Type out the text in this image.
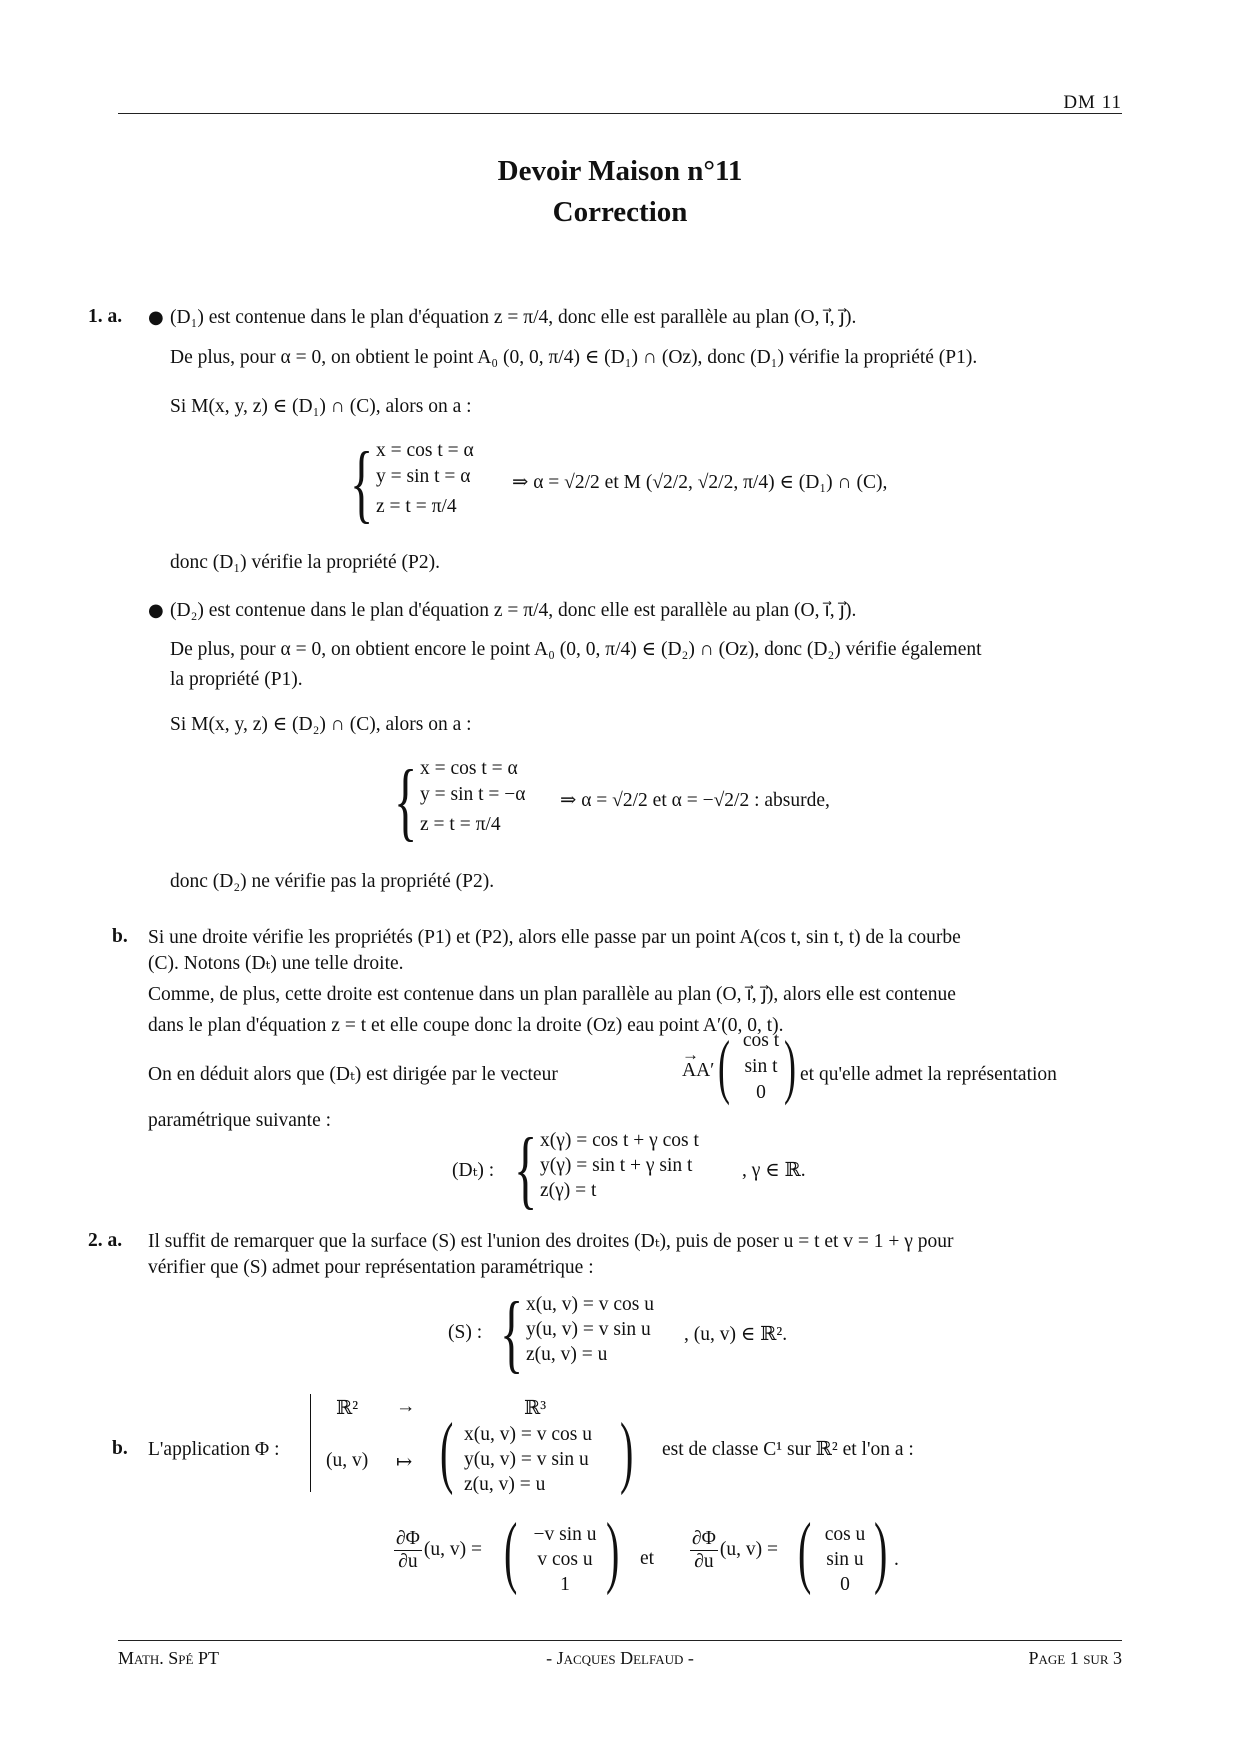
DM 11
Devoir Maison n°11
Correction
1. a. ● (D₁) est contenue dans le plan d'équation z = π/4, donc elle est parallèle au plan (O, i⃗, j⃗).
De plus, pour α = 0, on obtient le point A₀ (0, 0, π/4) ∈ (D₁) ∩ (Oz), donc (D₁) vérifie la propriété (P1).
Si M(x, y, z) ∈ (D₁) ∩ (C), alors on a :
{ x = cos t = α
y = sin t = α
z = t = π/4
⇒ α = √2/2 et M (√2/2, √2/2, π/4) ∈ (D₁) ∩ (C),
donc (D₁) vérifie la propriété (P2).
● (D₂) est contenue dans le plan d'équation z = π/4, donc elle est parallèle au plan (O, i⃗, j⃗).
De plus, pour α = 0, on obtient encore le point A₀ (0, 0, π/4) ∈ (D₂) ∩ (Oz), donc (D₂) vérifie également
la propriété (P1).
Si M(x, y, z) ∈ (D₂) ∩ (C), alors on a :
{ x = cos t = α
y = sin t = −α
z = t = π/4
⇒ α = √2/2 et α = −√2/2 : absurde,
donc (D₂) ne vérifie pas la propriété (P2).
b. Si une droite vérifie les propriétés (P1) et (P2), alors elle passe par un point A(cos t, sin t, t) de la courbe
(C). Notons (Dₜ) une telle droite.
Comme, de plus, cette droite est contenue dans un plan parallèle au plan (O, i⃗, j⃗), alors elle est contenue
dans le plan d'équation z = t et elle coupe donc la droite (Oz) eau point A′(0, 0, t).
On en déduit alors que (Dₜ) est dirigée par le vecteur
→	AA′ ( cos t
sin t
0 ) et qu'elle admet la représentation
paramétrique suivante :
(Dₜ) : { x(γ) = cos t + γ cos t
y(γ) = sin t + γ sin t
z(γ) = t
, γ ∈ ℝ.
2. a. Il suffit de remarquer que la surface (S) est l'union des droites (Dₜ), puis de poser u = t et v = 1 + γ pour
vérifier que (S) admet pour représentation paramétrique :
(S) : { x(u, v) = v cos u
y(u, v) = v sin u
z(u, v) = u
, (u, v) ∈ ℝ².
b. L'application Φ :
ℝ² →	ℝ³
(u, v) ↦ ( x(u, v) = v cos u
y(u, v) = v sin u
z(u, v) = u ) est de classe C¹ sur ℝ² et l'on a :
$\frac{\partial\Phi}{\partial u} (u$, v) = ( −v sin u
v cos u
1 ) et $\frac{\partial\Phi}{\partial u} (u$, v) = ( cos u
sin u
0 ) .
Math. Spé PT	- Jacques Delfaud -	Page 1 sur 3
